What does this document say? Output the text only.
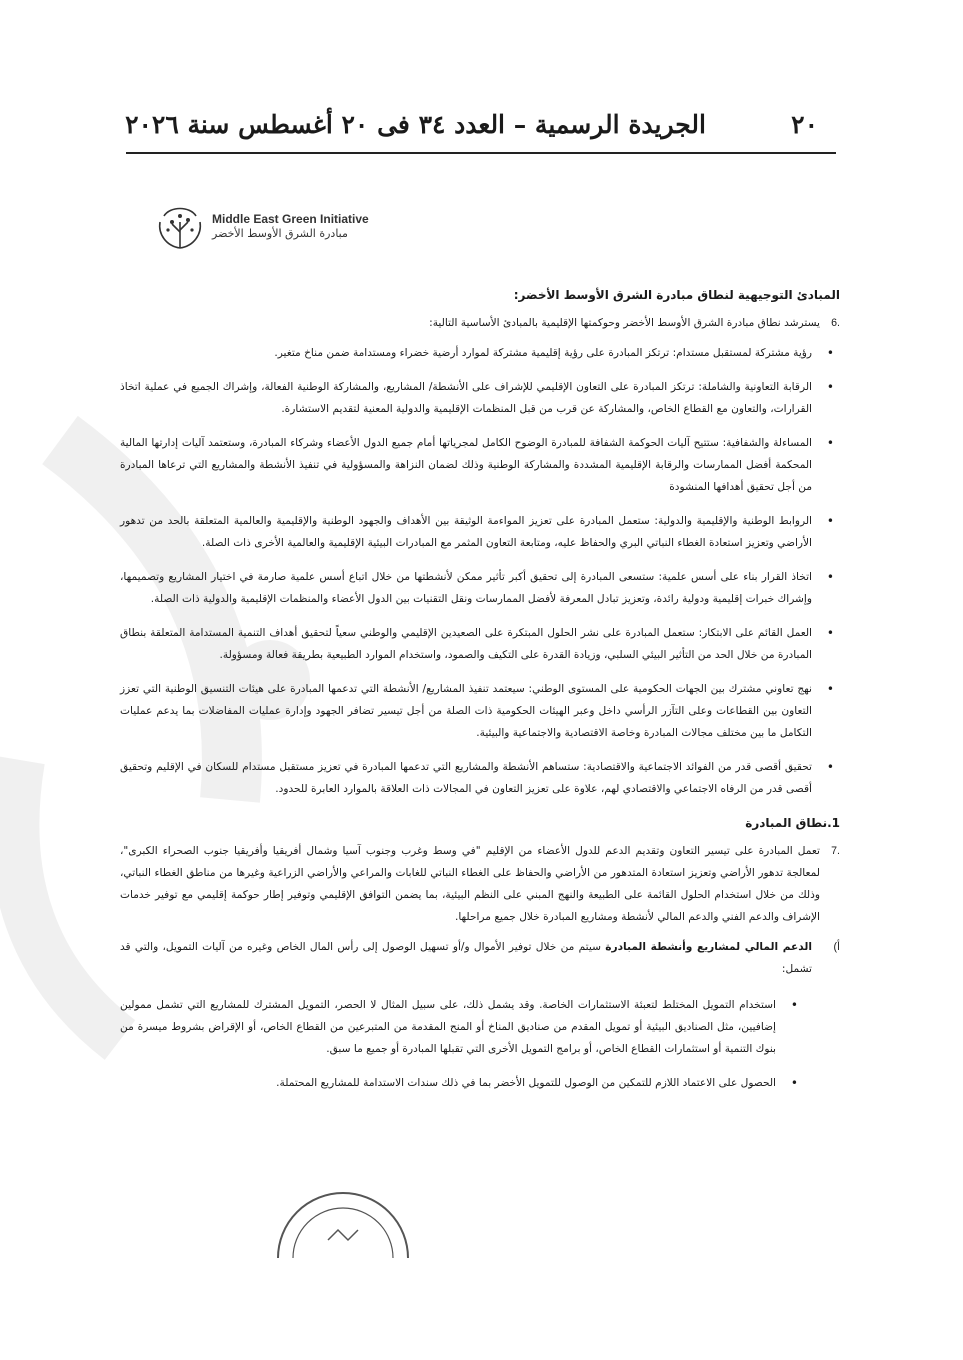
الجريدة الرسمية – العدد ٣٤ فى ٢٠ أغسطس سنة ٢٠٢٦	٢٠
Middle East Green Initiative
مبادرة الشرق الأوسط الأخضر
المبادئ التوجيهية لنطاق مبادرة الشرق الأوسط الأخضر:
6.
يسترشد نطاق مبادرة الشرق الأوسط الأخضر وحوكمتها الإقليمية بالمبادئ الأساسية التالية:
•
رؤية مشتركة لمستقبل مستدام: ترتكز المبادرة على رؤية إقليمية مشتركة لموارد أرضية خضراء ومستدامة ضمن مناخ متغير.
•
الرقابة التعاونية والشاملة: ترتكز المبادرة على التعاون الإقليمي للإشراف على الأنشطة/ المشاريع، والمشاركة الوطنية الفعالة، وإشراك الجميع في عملية اتخاذ القرارات، والتعاون مع القطاع الخاص، والمشاركة عن قرب من قبل المنظمات الإقليمية والدولية المعنية لتقديم الاستشارة.
•
المساءلة والشفافية: ستتيح آليات الحوكمة الشفافة للمبادرة الوضوح الكامل لمجرياتها أمام جميع الدول الأعضاء وشركاء المبادرة، وستعتمد آليات إدارتها المالية المحكمة أفضل الممارسات والرقابة الإقليمية المشددة والمشاركة الوطنية وذلك لضمان النزاهة والمسؤولية في تنفيذ الأنشطة والمشاريع التي ترعاها المبادرة من أجل تحقيق أهدافها المنشودة
•
الروابط الوطنية والإقليمية والدولية: ستعمل المبادرة على تعزيز المواءمة الوثيقة بين الأهداف والجهود الوطنية والإقليمية والعالمية المتعلقة بالحد من تدهور الأراضي وتعزيز استعادة الغطاء النباتي البري والحفاظ عليه، ومتابعة التعاون المثمر مع المبادرات البيئية الإقليمية والعالمية الأخرى ذات الصلة.
•
اتخاذ القرار بناء على أسس علمية: ستسعى المبادرة إلى تحقيق أكبر تأثير ممكن لأنشطتها من خلال اتباع أسس علمية صارمة في اختيار المشاريع وتصميمها، وإشراك خبرات إقليمية ودولية رائدة، وتعزيز تبادل المعرفة لأفضل الممارسات ونقل التقنيات بين الدول الأعضاء والمنظمات الإقليمية والدولية ذات الصلة.
•
العمل القائم على الابتكار: ستعمل المبادرة على نشر الحلول المبتكرة على الصعيدين الإقليمي والوطني سعياً لتحقيق أهداف التنمية المستدامة المتعلقة بنطاق المبادرة من خلال الحد من التأثير البيئي السلبي، وزيادة القدرة على التكيف والصمود، واستخدام الموارد الطبيعية بطريقة فعالة ومسؤولة.
•
نهج تعاوني مشترك بين الجهات الحكومية على المستوى الوطني: سيعتمد تنفيذ المشاريع/ الأنشطة التي تدعمها المبادرة على هيئات التنسيق الوطنية التي تعزز التعاون بين القطاعات وعلى التآزر الرأسي داخل وعبر الهيئات الحكومية ذات الصلة من أجل تيسير تضافر الجهود وإدارة عمليات المفاضلات بما يدعم عمليات التكامل ما بين مختلف مجالات المبادرة وخاصة الاقتصادية والاجتماعية والبيئية.
•
تحقيق أقصى قدر من الفوائد الاجتماعية والاقتصادية: ستساهم الأنشطة والمشاريع التي تدعمها المبادرة في تعزيز مستقبل مستدام للسكان في الإقليم وتحقيق أقصى قدر من الرفاه الاجتماعي والاقتصادي لهم، علاوة على تعزيز التعاون في المجالات ذات العلاقة بالموارد العابرة للحدود.
1.نطاق المبادرة
7.
تعمل المبادرة على تيسير التعاون وتقديم الدعم للدول الأعضاء من الإقليم "في وسط وغرب وجنوب آسيا وشمال أفريقيا وأفريقيا جنوب الصحراء الكبرى"، لمعالجة تدهور الأراضي وتعزيز استعادة المتدهور من الأراضي والحفاظ على الغطاء النباتي للغابات والمراعي والأراضي الزراعية وغيرها من مناطق الغطاء النباتي، وذلك من خلال استخدام الحلول القائمة على الطبيعة والنهج المبني على النظم البيئية، بما يضمن التوافق الإقليمي وتوفير إطار حوكمة إقليمي مع توفير خدمات الإشراف والدعم الفني والدعم المالي لأنشطة ومشاريع المبادرة خلال جميع مراحلها.
أ)
الدعم المالي لمشاريع وأنشطة المبادرة سيتم من خلال توفير الأموال و/أو تسهيل الوصول إلى رأس المال الخاص وغيره من آليات التمويل، والتي قد تشمل:
•
استخدام التمويل المختلط لتعبئة الاستثمارات الخاصة. وقد يشمل ذلك، على سبيل المثال لا الحصر، التمويل المشترك للمشاريع التي تشمل ممولين إضافيين، مثل الصناديق البيئية أو تمويل المقدم من صناديق المناخ أو المنح المقدمة من المتبرعين من القطاع الخاص، أو الإقراض بشروط ميسرة من بنوك التنمية أو استثمارات القطاع الخاص، أو برامج التمويل الأخرى التي تقبلها المبادرة أو جميع ما سبق.
•
الحصول على الاعتماد اللازم للتمكين من الوصول للتمويل الأخضر بما في ذلك سندات الاستدامة للمشاريع المحتملة.
